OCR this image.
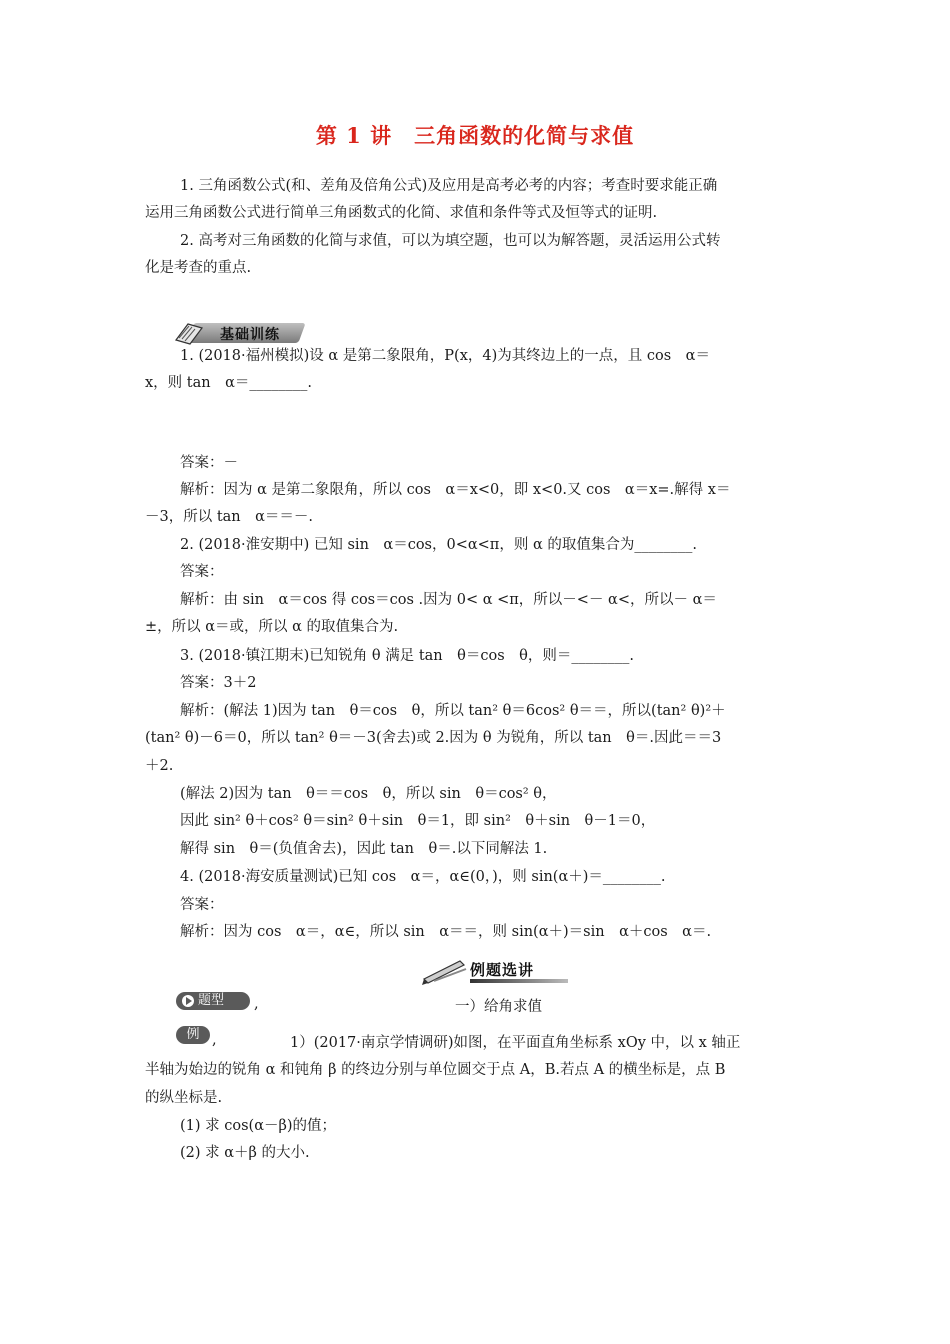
第 1 讲　三角函数的化简与求值
1. 三角函数公式(和、差角及倍角公式)及应用是高考必考的内容；考查时要求能正确
运用三角函数公式进行简单三角函数式的化简、求值和条件等式及恒等式的证明.
2. 高考对三角函数的化简与求值，可以为填空题，也可以为解答题，灵活运用公式转
化是考查的重点.
基础训练
1. (2018·福州模拟)设 α 是第二象限角，P(x，4)为其终边上的一点，且 cos　α＝
x，则 tan　α＝________.
答案：－
解析：因为 α 是第二象限角，所以 cos　α＝x<0，即 x<0.又 cos　α＝x=.解得 x＝
－3，所以 tan　α＝＝－.
2. (2018·淮安期中) 已知 sin　α＝cos，0<α<π，则 α 的取值集合为________.
答案：
解析：由 sin　α＝cos 得 cos＝cos .因为 0< α <π，所以－<－ α<，所以－ α＝
±，所以 α＝或，所以 α 的取值集合为.
3. (2018·镇江期末)已知锐角 θ 满足 tan　θ＝cos　θ，则＝________.
答案：3＋2
解析：(解法 1)因为 tan　θ＝cos　θ，所以 tan² θ＝6cos² θ＝＝，所以(tan² θ)²＋
(tan² θ)－6＝0，所以 tan² θ＝－3(舍去)或 2.因为 θ 为锐角，所以 tan　θ＝.因此＝＝3
＋2.
(解法 2)因为 tan　θ＝＝cos　θ，所以 sin　θ＝cos² θ，
因此 sin² θ＋cos² θ＝sin² θ＋sin　θ＝1，即 sin²　θ＋sin　θ－1＝0，
解得 sin　θ＝(负值舍去)，因此 tan　θ＝.以下同解法 1.
4. (2018·海安质量测试)已知 cos　α＝，α∈(0，)，则 sin(α＋)＝________.
答案：
解析：因为 cos　α＝，α∈，所以 sin　α＝＝，则 sin(α＋)＝sin　α＋cos　α＝.
例题选讲
题型 ,	一）给角求值
例 ,	1）(2017·南京学情调研)如图，在平面直角坐标系 xOy 中，以 x 轴正
半轴为始边的锐角 α 和钝角 β 的终边分别与单位圆交于点 A，B.若点 A 的横坐标是，点 B
的纵坐标是.
(1) 求 cos(α－β)的值；
(2) 求 α＋β 的大小.
